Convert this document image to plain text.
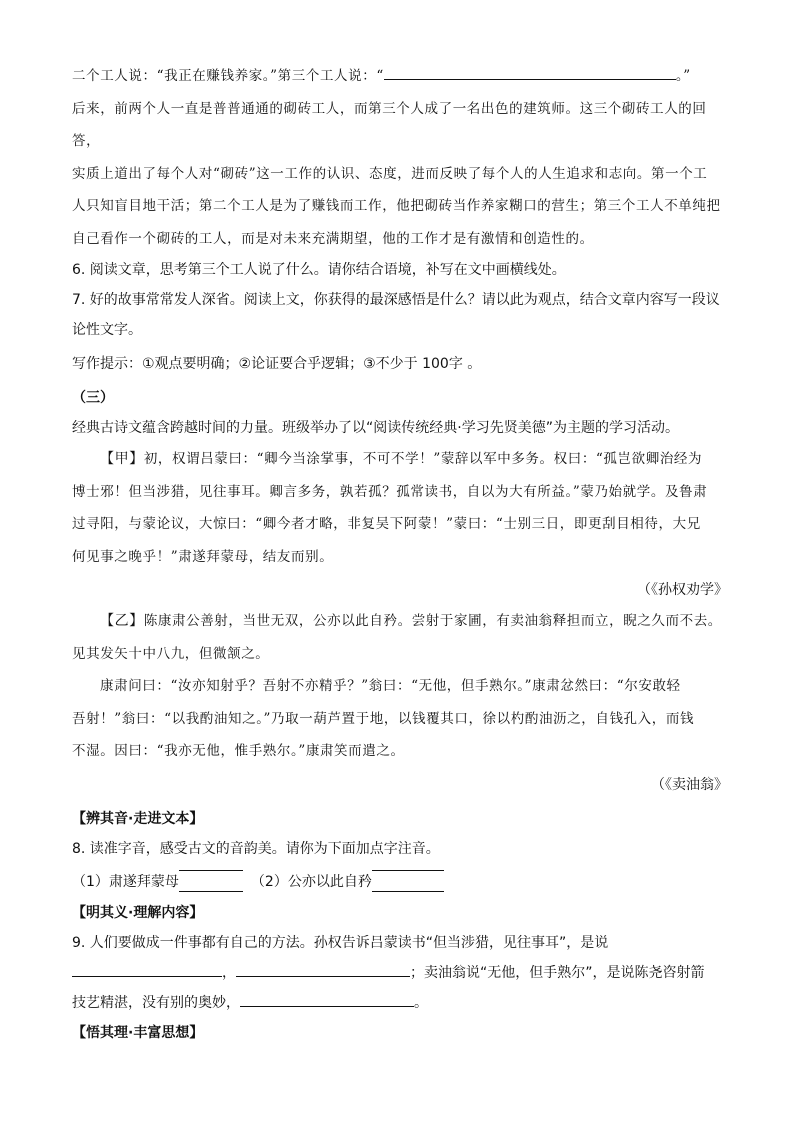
二个工人说：“我正在赚钱养家。”第三个工人说：“	。”

后来，前两个人一直是普普通通的砌砖工人，而第三个人成了一名出色的建筑师。这三个砌砖工人的回答，

实质上道出了每个人对“砌砖”这一工作的认识、态度，进而反映了每个人的人生追求和志向。第一个工

人只知盲目地干活；第二个工人是为了赚钱而工作，他把砌砖当作养家糊口的营生；第三个工人不单纯把

自己看作一个砌砖的工人，而是对未来充满期望，他的工作才是有激情和创造性的。

6. 阅读文章，思考第三个工人说了什么。请你结合语境，补写在文中画横线处。

7. 好的故事常常发人深省。阅读上文，你获得的最深感悟是什么？请以此为观点，结合文章内容写一段议

论性文字。

写作提示：①观点要明确；②论证要合乎逻辑；③不少于 100字 。

（三）

经典古诗文蕴含跨越时间的力量。班级举办了以“阅读传统经典·学习先贤美德”为主题的学习活动。

【甲】初，权谓吕蒙曰：“卿今当涂掌事，不可不学！”蒙辞以军中多务。权曰：“孤岂欲卿治经为

博士邪！但当涉猎，见往事耳。卿言多务，孰若孤？孤常读书，自以为大有所益。”蒙乃始就学。及鲁肃

过寻阳，与蒙论议，大惊曰：“卿今者才略，非复吴下阿蒙！”蒙曰：“士别三日，即更刮目相待，大兄

何见事之晚乎！”肃遂拜蒙母，结友而别。

（《孙权劝学》

【乙】陈康肃公善射，当世无双，公亦以此自矜。尝射于家圃，有卖油翁释担而立，睨之久而不去。

见其发矢十中八九，但微颔之。

康肃问曰：“汝亦知射乎？吾射不亦精乎？”翁曰：“无他，但手熟尔。”康肃忿然曰：“尔安敢轻

吾射！”翁曰：“以我酌油知之。”乃取一葫芦置于地，以钱覆其口，徐以杓酌油沥之，自钱孔入，而钱

不湿。因曰：“我亦无他，惟手熟尔。”康肃笑而遣之。

（《卖油翁》

【辨其音·走进文本】

8. 读准字音，感受古文的音韵美。请你为下面加点字注音。

（1）肃遂拜蒙母	（2）公亦以此自矜

【明其义·理解内容】

9. 人们要做成一件事都有自己的方法。孙权告诉吕蒙读书“但当涉猎，见往事耳”，是说

，	；卖油翁说“无他，但手熟尔”，是说陈尧咨射箭

技艺精湛，没有别的奥妙，	。

【悟其理·丰富思想】
